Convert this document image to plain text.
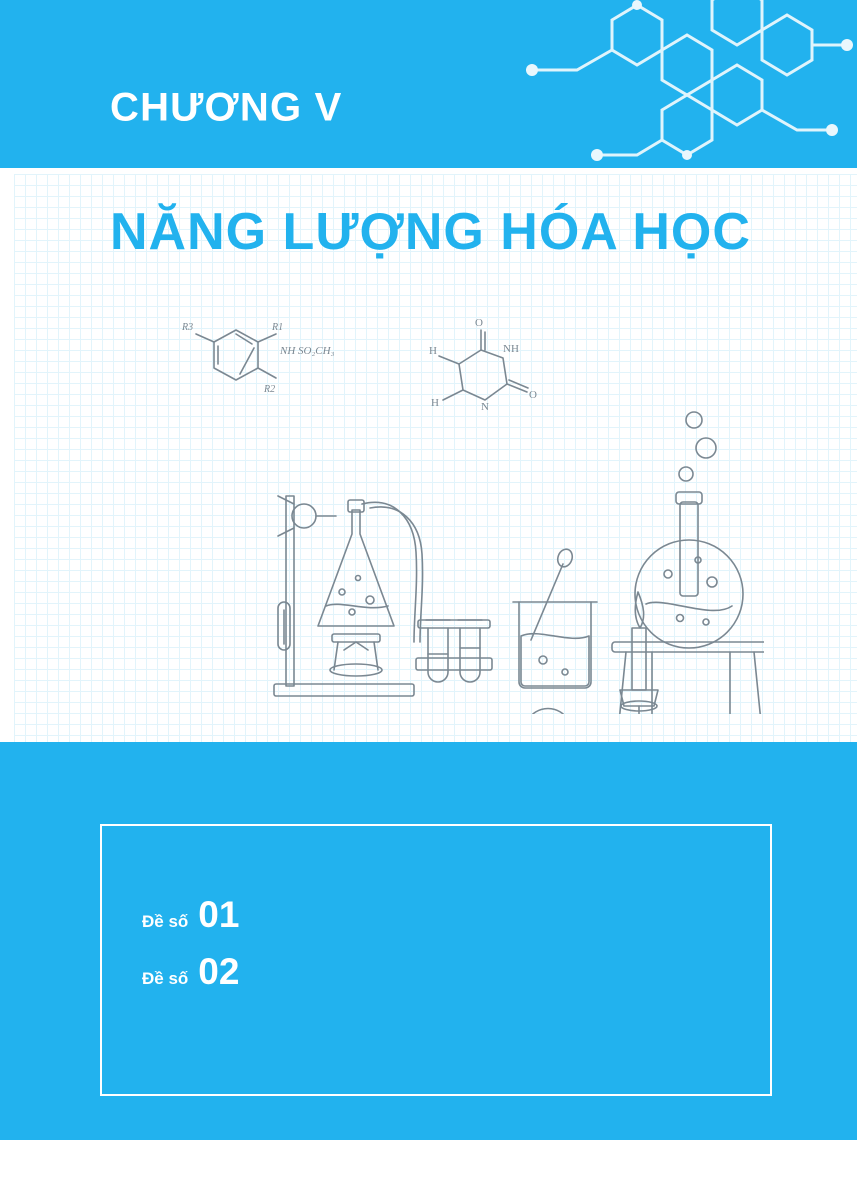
CHƯƠNG V
NĂNG LƯỢNG HÓA HỌC
R1
R2
R3
NH SO₂CH₃
O
O
NH
N
H
H
Đề số 01
Đề số 02
